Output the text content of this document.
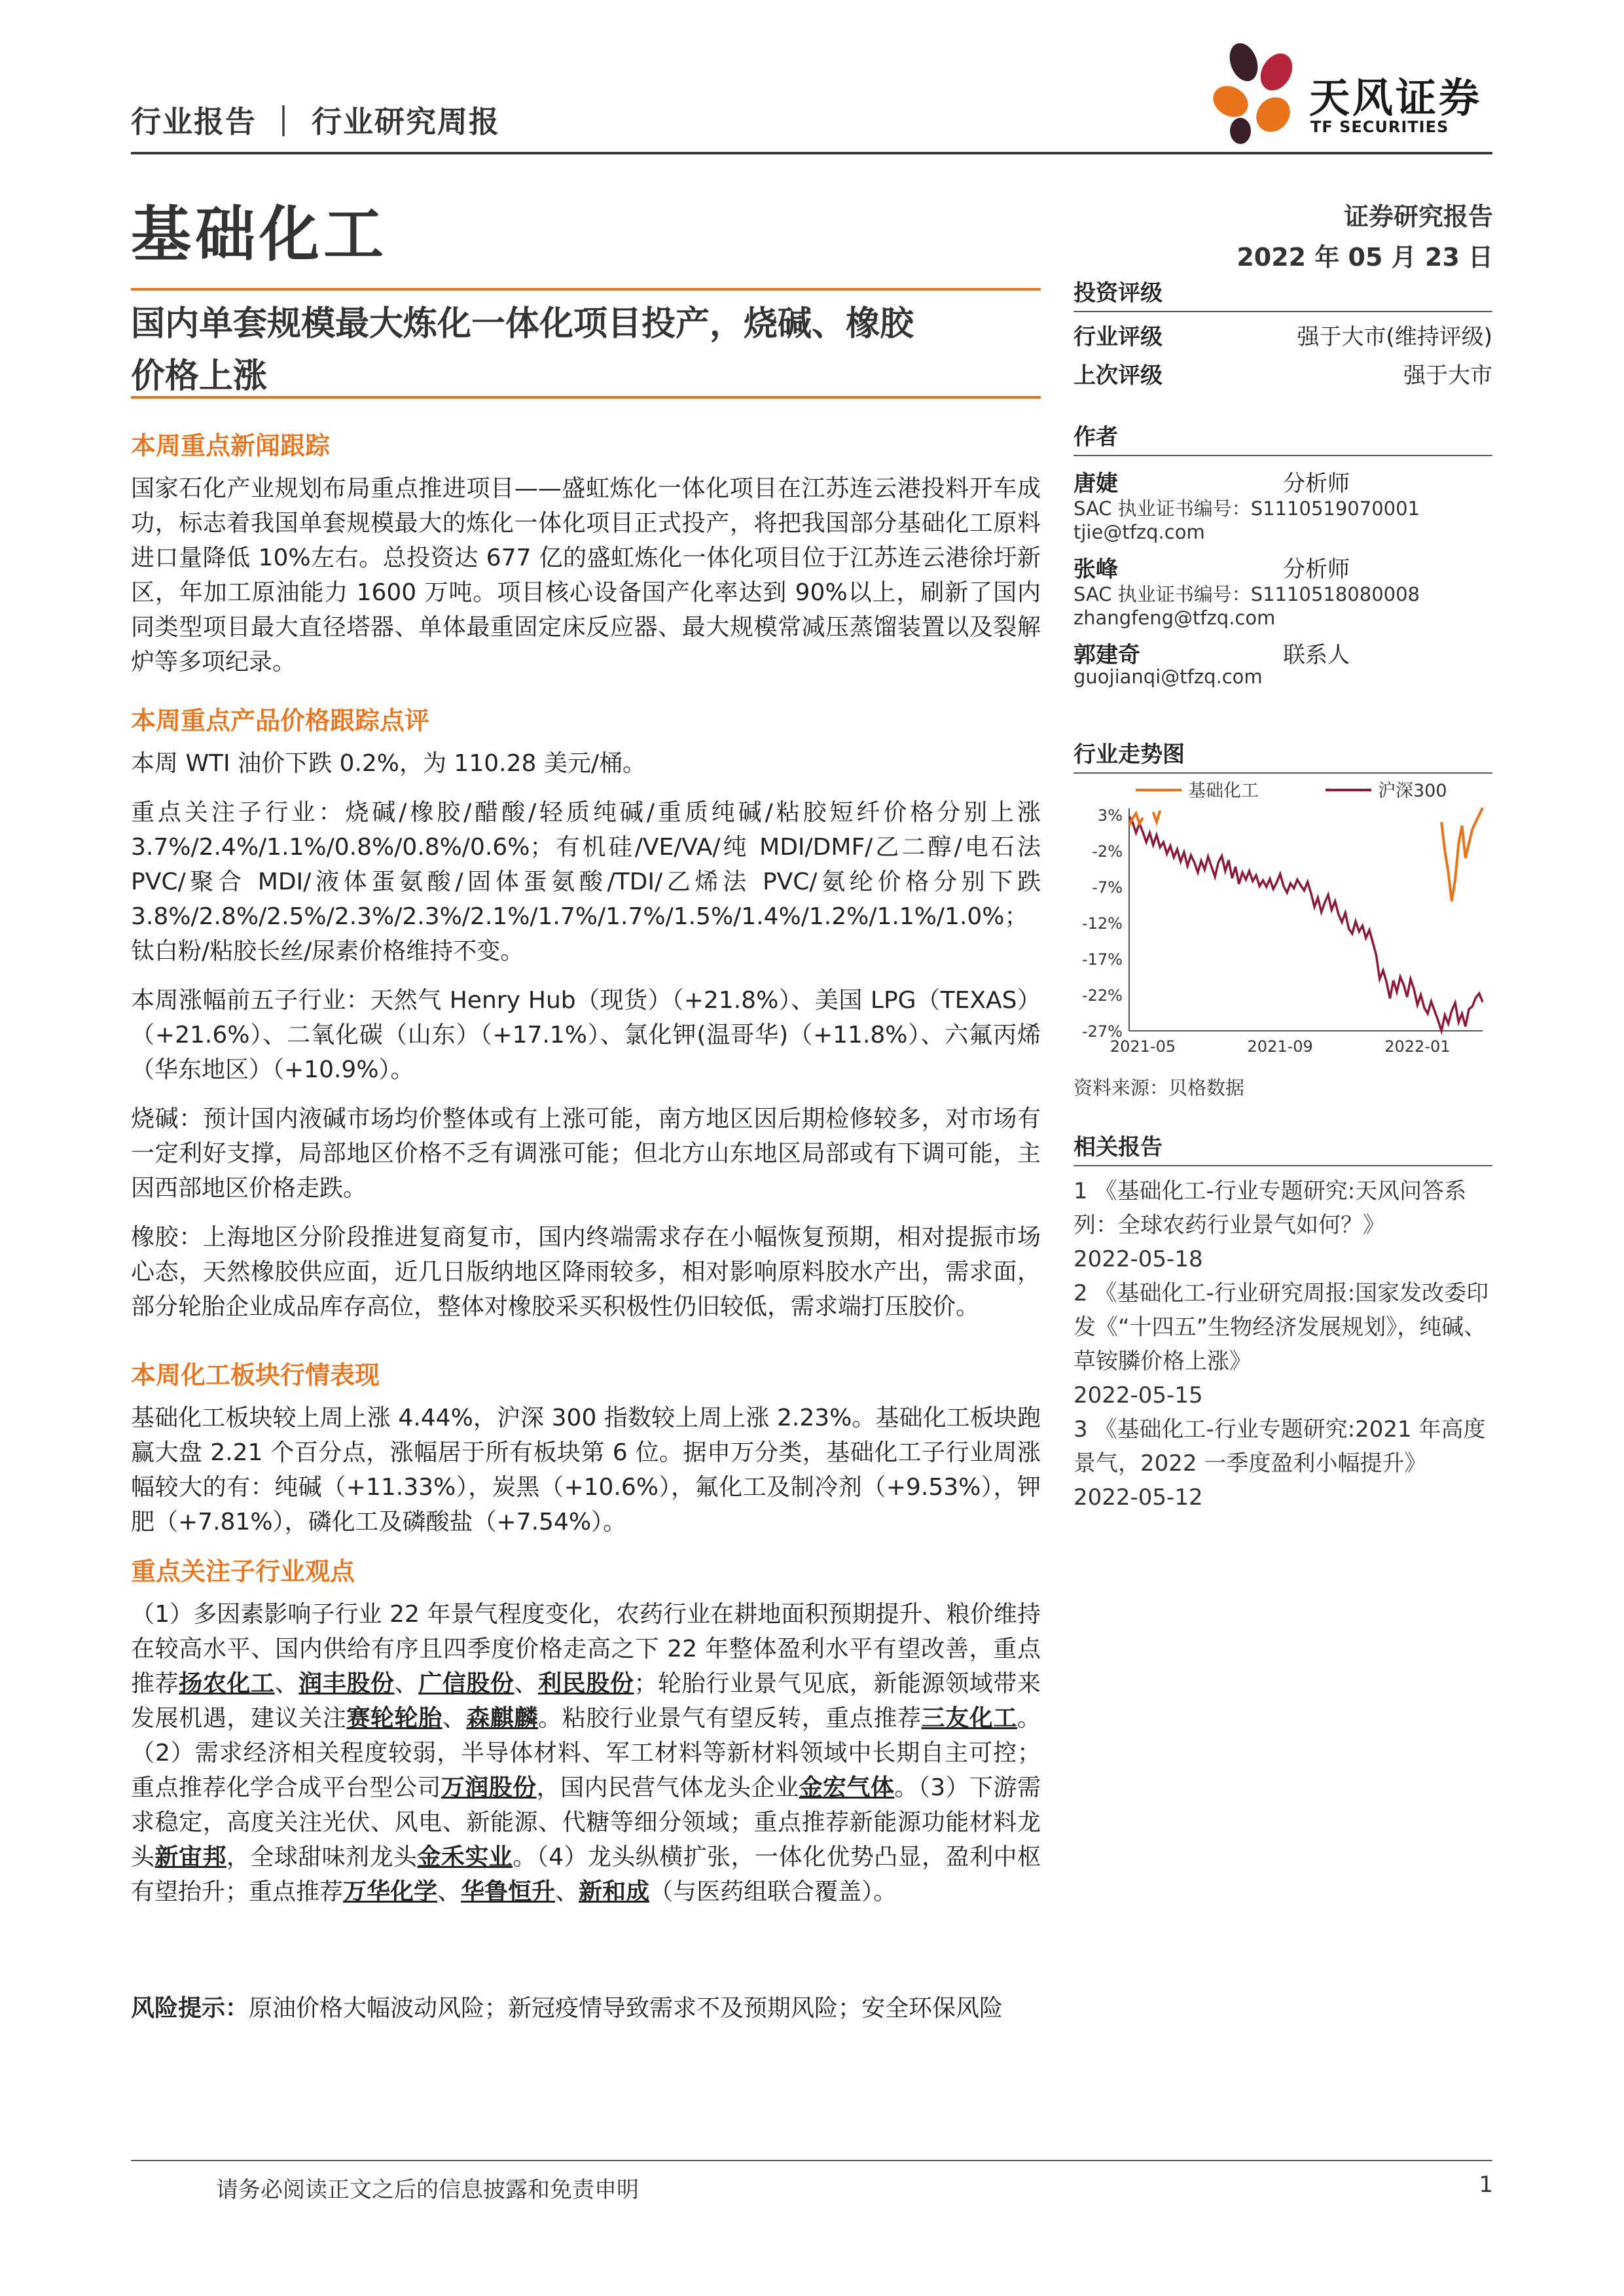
行业报告 ｜ 行业研究周报	天风证券
TF SECURITIES
基础化工	证券研究报告
2022 年 05 月 23 日
国内单套规模最大炼化一体化项目投产，烧碱、橡胶
价格上涨
本周重点新闻跟踪

国家石化产业规划布局重点推进项目——盛虹炼化一体化项目在江苏连云港投料开车成功，标志着我国单套规模最大的炼化一体化项目正式投产，将把我国部分基础化工原料进口量降低 10%左右。总投资达 677 亿的盛虹炼化一体化项目位于江苏连云港徐圩新区，年加工原油能力 1600 万吨。项目核心设备国产化率达到 90%以上，刷新了国内同类型项目最大直径塔器、单体最重固定床反应器、最大规模常减压蒸馏装置以及裂解炉等多项纪录。

本周重点产品价格跟踪点评

本周 WTI 油价下跌 0.2%，为 110.28 美元/桶。

重点关注子行业：烧碱/橡胶/醋酸/轻质纯碱/重质纯碱/粘胶短纤价格分别上涨 3.7%/2.4%/1.1%/0.8%/0.8%/0.6%；有机硅/VE/VA/纯 MDI/DMF/乙二醇/电石法 PVC/聚合 MDI/液体蛋氨酸/固体蛋氨酸/TDI/乙烯法 PVC/氨纶价格分别下跌 3.8%/2.8%/2.5%/2.3%/2.3%/2.1%/1.7%/1.7%/1.5%/1.4%/1.2%/1.1%/1.0%；钛白粉/粘胶长丝/尿素价格维持不变。

本周涨幅前五子行业：天然气 Henry Hub（现货）（+21.8%）、美国 LPG（TEXAS）（+21.6%）、二氧化碳（山东）（+17.1%）、氯化钾(温哥华)（+11.8%）、六氟丙烯（华东地区）（+10.9%）。

烧碱：预计国内液碱市场均价整体或有上涨可能，南方地区因后期检修较多，对市场有一定利好支撑，局部地区价格不乏有调涨可能；但北方山东地区局部或有下调可能，主因西部地区价格走跌。

橡胶：上海地区分阶段推进复商复市，国内终端需求存在小幅恢复预期，相对提振市场心态，天然橡胶供应面，近几日版纳地区降雨较多，相对影响原料胶水产出，需求面，部分轮胎企业成品库存高位，整体对橡胶采买积极性仍旧较低，需求端打压胶价。

本周化工板块行情表现

基础化工板块较上周上涨 4.44%，沪深 300 指数较上周上涨 2.23%。基础化工板块跑赢大盘 2.21 个百分点，涨幅居于所有板块第 6 位。据申万分类，基础化工子行业周涨幅较大的有：纯碱（+11.33%），炭黑（+10.6%），氟化工及制冷剂（+9.53%），钾肥（+7.81%），磷化工及磷酸盐（+7.54%）。

重点关注子行业观点

（1）多因素影响子行业 22 年景气程度变化，农药行业在耕地面积预期提升、粮价维持在较高水平、国内供给有序且四季度价格走高之下 22 年整体盈利水平有望改善，重点推荐扬农化工、润丰股份、广信股份、利民股份；轮胎行业景气见底，新能源领域带来发展机遇，建议关注赛轮轮胎、森麒麟。粘胶行业景气有望反转，重点推荐三友化工。（2）需求经济相关程度较弱，半导体材料、军工材料等新材料领域中长期自主可控；重点推荐化学合成平台型公司万润股份，国内民营气体龙头企业金宏气体。（3）下游需求稳定，高度关注光伏、风电、新能源、代糖等细分领域；重点推荐新能源功能材料龙头新宙邦，全球甜味剂龙头金禾实业。（4）龙头纵横扩张，一体化优势凸显，盈利中枢有望抬升；重点推荐万华化学、华鲁恒升、新和成（与医药组联合覆盖）。

风险提示：原油价格大幅波动风险；新冠疫情导致需求不及预期风险；安全环保风险

投资评级
行业评级	强于大市(维持评级)
上次评级	强于大市
作者
唐婕	分析师
SAC 执业证书编号：S1110519070001
tjie@tfzq.com
张峰	分析师
SAC 执业证书编号：S1110518080008
zhangfeng@tfzq.com
郭建奇	联系人
guojianqi@tfzq.com
行业走势图
基础化工	沪深300
3%
-2%
-7%
-12%
-17%
-22%
-27%
2021-05	2021-09	2022-01
资料来源：贝格数据
相关报告
1 《基础化工-行业专题研究:天风问答系列：全球农药行业景气如何？》
2022-05-18
2 《基础化工-行业研究周报:国家发改委印发《“十四五”生物经济发展规划》，纯碱、草铵膦价格上涨》
2022-05-15
3 《基础化工-行业专题研究:2021 年高度景气，2022 一季度盈利小幅提升》
2022-05-12
请务必阅读正文之后的信息披露和免责申明	1
